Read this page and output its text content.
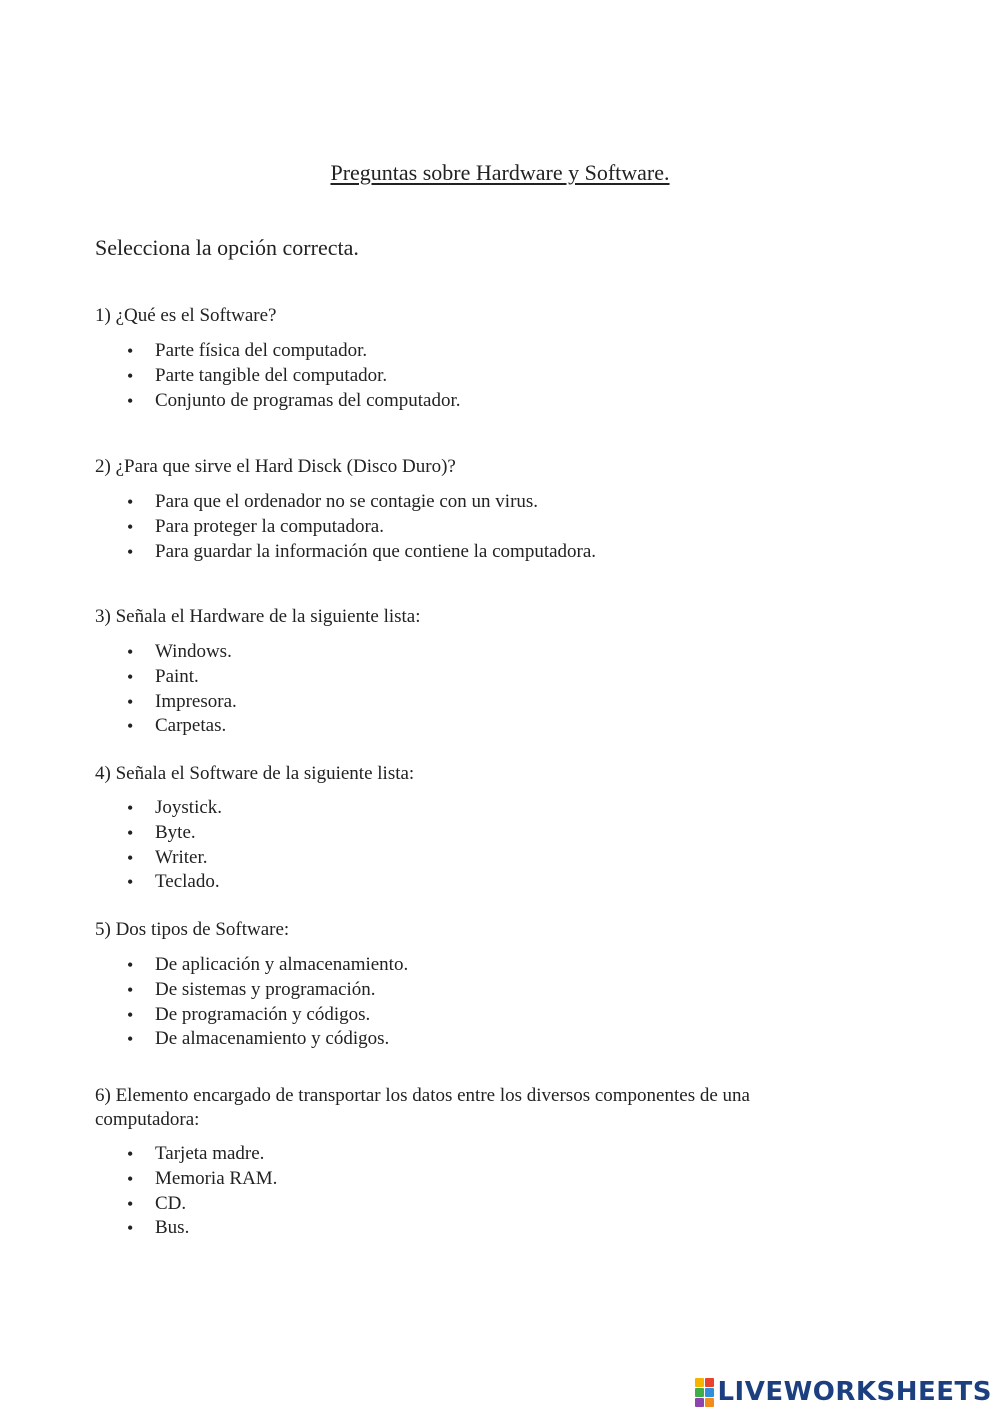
Preguntas sobre Hardware y Software.
Selecciona la opción correcta.

1) ¿Qué es el Software?

• Parte física del computador.
• Parte tangible del computador.
• Conjunto de programas del computador.

2) ¿Para que sirve el Hard Disck (Disco Duro)?

• Para que el ordenador no se contagie con un virus.
• Para proteger la computadora.
• Para guardar la información que contiene la computadora.

3) Señala el Hardware de la siguiente lista:

• Windows.
• Paint.
• Impresora.
• Carpetas.

4) Señala el Software de la siguiente lista:

• Joystick.
• Byte.
• Writer.
• Teclado.

5) Dos tipos de Software:

• De aplicación y almacenamiento.
• De sistemas y programación.
• De programación y códigos.
• De almacenamiento y códigos.

6) Elemento encargado de transportar los datos entre los diversos componentes de una computadora:

• Tarjeta madre.
• Memoria RAM.
• CD.
• Bus.
LIVEWORKSHEETS
